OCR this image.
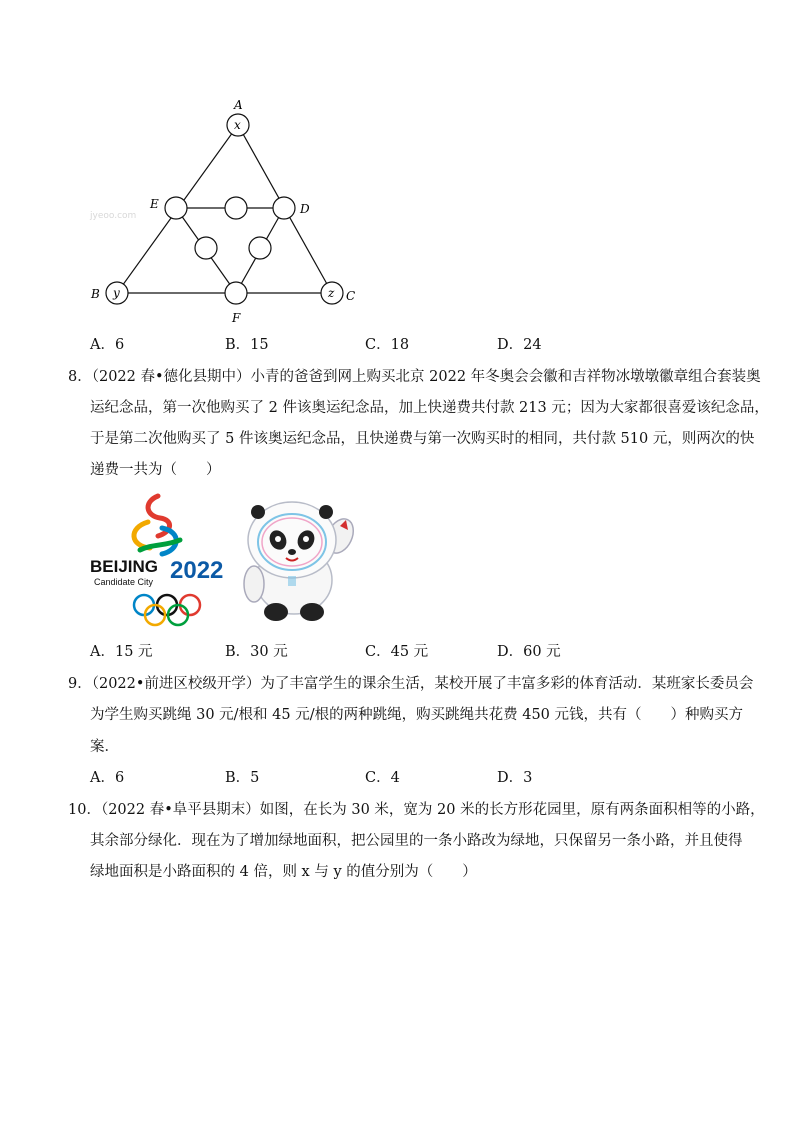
jyeoo.com
A
x
E	D
B y
F
z C
A．6	B．15	C．18	D．24
8．（2022 春•德化县期中）小青的爸爸到网上购买北京 2022 年冬奥会会徽和吉祥物冰墩墩徽章组合套装奥
运纪念品，第一次他购买了 2 件该奥运纪念品，加上快递费共付款 213 元；因为大家都很喜爱该纪念品，
于是第二次他购买了 5 件该奥运纪念品，且快递费与第一次购买时的相同，共付款 510 元，则两次的快
递费一共为（　　）
BEIJING
Candidate City 2022
A．15 元	B．30 元	C．45 元	D．60 元
9．（2022•前进区校级开学）为了丰富学生的课余生活，某校开展了丰富多彩的体育活动．某班家长委员会
为学生购买跳绳 30 元/根和 45 元/根的两种跳绳，购买跳绳共花费 450 元钱，共有（　　）种购买方
案．
A．6	B．5	C．4	D．3
10．（2022 春•阜平县期末）如图，在长为 30 米，宽为 20 米的长方形花园里，原有两条面积相等的小路，
其余部分绿化．现在为了增加绿地面积，把公园里的一条小路改为绿地，只保留另一条小路，并且使得
绿地面积是小路面积的 4 倍，则 x 与 y 的值分别为（　　）
